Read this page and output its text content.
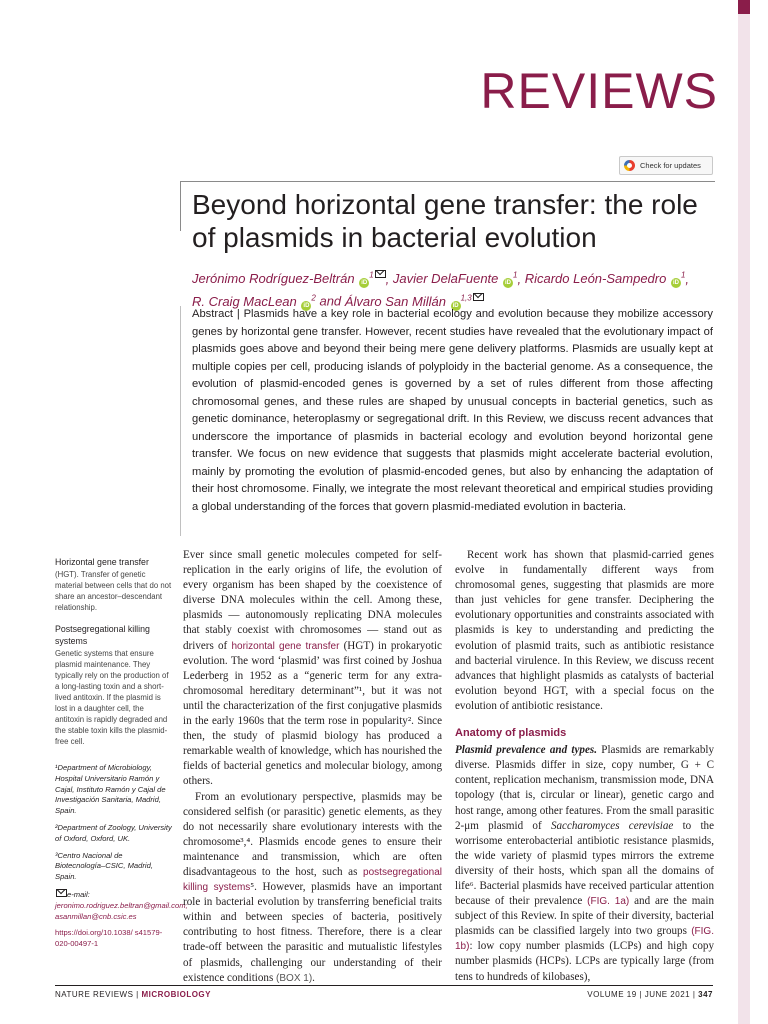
REVIEWS
Check for updates
Beyond horizontal gene transfer: the role of plasmids in bacterial evolution
Jerónimo Rodríguez-Beltrán $iD^1$ , Javier DelaFuente $iD^1$, Ricardo León-Sampedro $iD^1$,
R. Craig MacLean $iD^2$ and Álvaro San Millán iD$^{1,3}$

Abstract | Plasmids have a key role in bacterial ecology and evolution because they mobilize accessory genes by horizontal gene transfer. However, recent studies have revealed that the evolutionary impact of plasmids goes above and beyond their being mere gene delivery platforms. Plasmids are usually kept at multiple copies per cell, producing islands of polyploidy in the bacterial genome. As a consequence, the evolution of plasmid-encoded genes is governed by a set of rules different from those affecting chromosomal genes, and these rules are shaped by unusual concepts in bacterial genetics, such as genetic dominance, heteroplasmy or segregational drift. In this Review, we discuss recent advances that underscore the importance of plasmids in bacterial ecology and evolution beyond horizontal gene transfer. We focus on new evidence that suggests that plasmids might accelerate bacterial evolution, mainly by promoting the evolution of plasmid-encoded genes, but also by enhancing the adaptation of their host chromosome. Finally, we integrate the most relevant theoretical and empirical studies providing a global understanding of the forces that govern plasmid-mediated evolution in bacteria.

Horizontal gene transfer

(HGT). Transfer of genetic material between cells that do not share an ancestor–descendant relationship.

Postsegregational killing systems

Genetic systems that ensure plasmid maintenance. They typically rely on the production of a long-lasting toxin and a short-lived antitoxin. If the plasmid is lost in a daughter cell, the antitoxin is rapidly degraded and the stable toxin kills the plasmid-free cell.

¹Department of Microbiology, Hospital Universitario Ramón y Cajal, Instituto Ramón y Cajal de Investigación Sanitaria, Madrid, Spain.

²Department of Zoology, University of Oxford, Oxford, UK.

³Centro Nacional de Biotecnología–CSIC, Madrid, Spain.

e-mail: jeronimo.rodriguez.beltran@gmail.com; asanmillan@cnb.csic.es

https://doi.org/10.1038/ s41579-020-00497-1

Ever since small genetic molecules competed for self-replication in the early origins of life, the evolution of every organism has been shaped by the coexistence of diverse DNA molecules within the cell. Among these, plasmids — autonomously replicating DNA molecules that stably coexist with chromosomes — stand out as drivers of horizontal gene transfer (HGT) in prokaryotic evolution. The word ‘plasmid’ was first coined by Joshua Lederberg in 1952 as a “generic term for any extra-chromosomal hereditary determinant”¹, but it was not until the characterization of the first conjugative plasmids in the early 1960s that the term rose in popularity². Since then, the study of plasmid biology has produced a remarkable wealth of knowledge, which has nourished the fields of bacterial genetics and molecular biology, among others.

From an evolutionary perspective, plasmids may be considered selfish (or parasitic) genetic elements, as they do not necessarily share evolutionary interests with the chromosome³,⁴. Plasmids encode genes to ensure their maintenance and transmission, which are often disadvantageous to the host, such as postsegregational killing systems⁵. However, plasmids have an important role in bacterial evolution by transferring beneficial traits within and between species of bacteria, positively contributing to host fitness. Therefore, there is a clear trade-off between the parasitic and mutualistic lifestyles of plasmids, challenging our understanding of their existence conditions (BOX 1).

Recent work has shown that plasmid-carried genes evolve in fundamentally different ways from chromosomal genes, suggesting that plasmids are more than just vehicles for gene transfer. Deciphering the evolutionary opportunities and constraints associated with plasmids is key to understanding and predicting the evolution of plasmid traits, such as antibiotic resistance and bacterial virulence. In this Review, we discuss recent advances that highlight plasmids as catalysts of bacterial evolution beyond HGT, with a special focus on the evolution of antibiotic resistance.

Anatomy of plasmids

Plasmid prevalence and types. Plasmids are remarkably diverse. Plasmids differ in size, copy number, G + C content, replication mechanism, transmission mode, DNA topology (that is, circular or linear), genetic cargo and host range, among other features. From the small parasitic 2-μm plasmid of Saccharomyces cerevisiae to the worrisome enterobacterial antibiotic resistance plasmids, the wide variety of plasmid types mirrors the extreme diversity of their hosts, which span all the domains of life⁶. Bacterial plasmids have received particular attention because of their prevalence (FIG. 1a) and are the main subject of this Review. In spite of their diversity, bacterial plasmids can be classified largely into two groups (FIG. 1b): low copy number plasmids (LCPs) and high copy number plasmids (HCPs). LCPs are typically large (from tens to hundreds of kilobases),

NATURE REVIEWS | MICROBIOLOGY	VOLUME 19 | JUNE 2021 | 347
